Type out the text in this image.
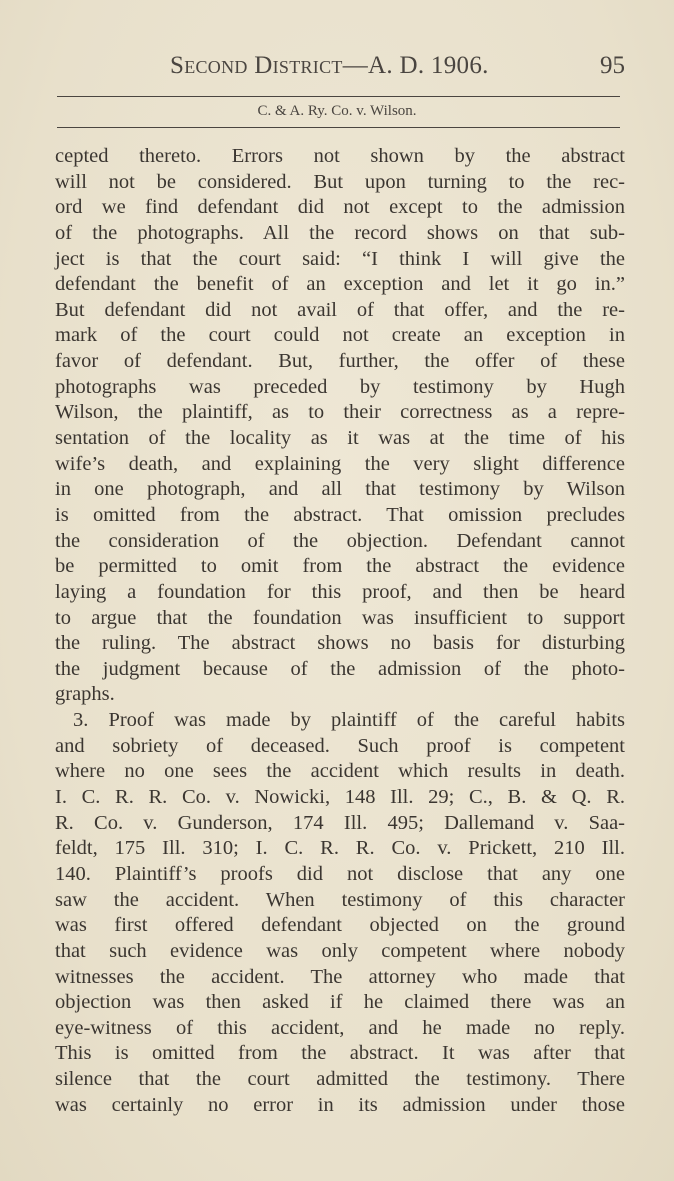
Second District—A. D. 1906.	95
C. & A. Ry. Co. v. Wilson.
cepted thereto. Errors not shown by the abstract
will not be considered. But upon turning to the rec-
ord we find defendant did not except to the admission
of the photographs. All the record shows on that sub-
ject is that the court said: “I think I will give the
defendant the benefit of an exception and let it go in.”
But defendant did not avail of that offer, and the re-
mark of the court could not create an exception in
favor of defendant. But, further, the offer of these
photographs was preceded by testimony by Hugh
Wilson, the plaintiff, as to their correctness as a repre-
sentation of the locality as it was at the time of his
wife’s death, and explaining the very slight difference
in one photograph, and all that testimony by Wilson
is omitted from the abstract. That omission precludes
the consideration of the objection. Defendant cannot
be permitted to omit from the abstract the evidence
laying a foundation for this proof, and then be heard
to argue that the foundation was insufficient to support
the ruling. The abstract shows no basis for disturbing
the judgment because of the admission of the photo-
graphs.
3. Proof was made by plaintiff of the careful habits
and sobriety of deceased. Such proof is competent
where no one sees the accident which results in death.
I. C. R. R. Co. v. Nowicki, 148 Ill. 29; C., B. & Q. R.
R. Co. v. Gunderson, 174 Ill. 495; Dallemand v. Saa-
feldt, 175 Ill. 310; I. C. R. R. Co. v. Prickett, 210 Ill.
140. Plaintiff’s proofs did not disclose that any one
saw the accident. When testimony of this character
was first offered defendant objected on the ground
that such evidence was only competent where nobody
witnesses the accident. The attorney who made that
objection was then asked if he claimed there was an
eye-witness of this accident, and he made no reply.
This is omitted from the abstract. It was after that
silence that the court admitted the testimony. There
was certainly no error in its admission under those
